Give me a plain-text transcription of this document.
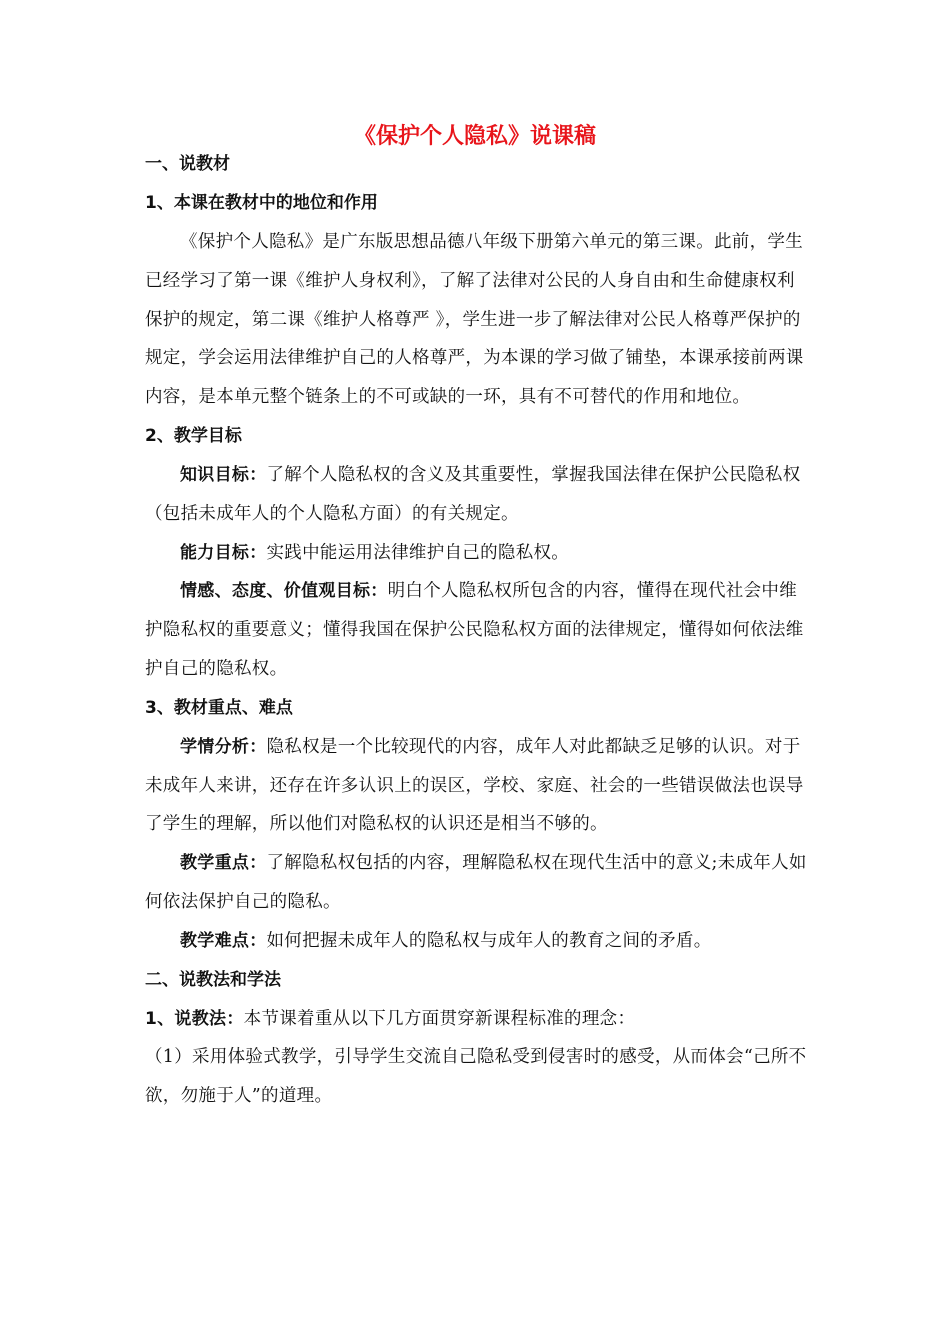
《保护个人隐私》说课稿

一、说教材

1、本课在教材中的地位和作用

《保护个人隐私》是广东版思想品德八年级下册第六单元的第三课。此前，学生已经学习了第一课《维护人身权利》，了解了法律对公民的人身自由和生命健康权利保护的规定，第二课《维护人格尊严 》，学生进一步了解法律对公民人格尊严保护的规定，学会运用法律维护自己的人格尊严，为本课的学习做了铺垫，本课承接前两课内容，是本单元整个链条上的不可或缺的一环，具有不可替代的作用和地位。

2、教学目标

知识目标：了解个人隐私权的含义及其重要性，掌握我国法律在保护公民隐私权（包括未成年人的个人隐私方面）的有关规定。

能力目标：实践中能运用法律维护自己的隐私权。

情感、态度、价值观目标：明白个人隐私权所包含的内容，懂得在现代社会中维护隐私权的重要意义；懂得我国在保护公民隐私权方面的法律规定，懂得如何依法维护自己的隐私权。

3、教材重点、难点

学情分析：隐私权是一个比较现代的内容，成年人对此都缺乏足够的认识。对于未成年人来讲，还存在许多认识上的误区，学校、家庭、社会的一些错误做法也误导了学生的理解，所以他们对隐私权的认识还是相当不够的。

教学重点：了解隐私权包括的内容，理解隐私权在现代生活中的意义;未成年人如何依法保护自己的隐私。

教学难点：如何把握未成年人的隐私权与成年人的教育之间的矛盾。

二、说教法和学法

1、说教法：本节课着重从以下几方面贯穿新课程标准的理念：

（1）采用体验式教学，引导学生交流自己隐私受到侵害时的感受，从而体会“己所不欲，勿施于人”的道理。
